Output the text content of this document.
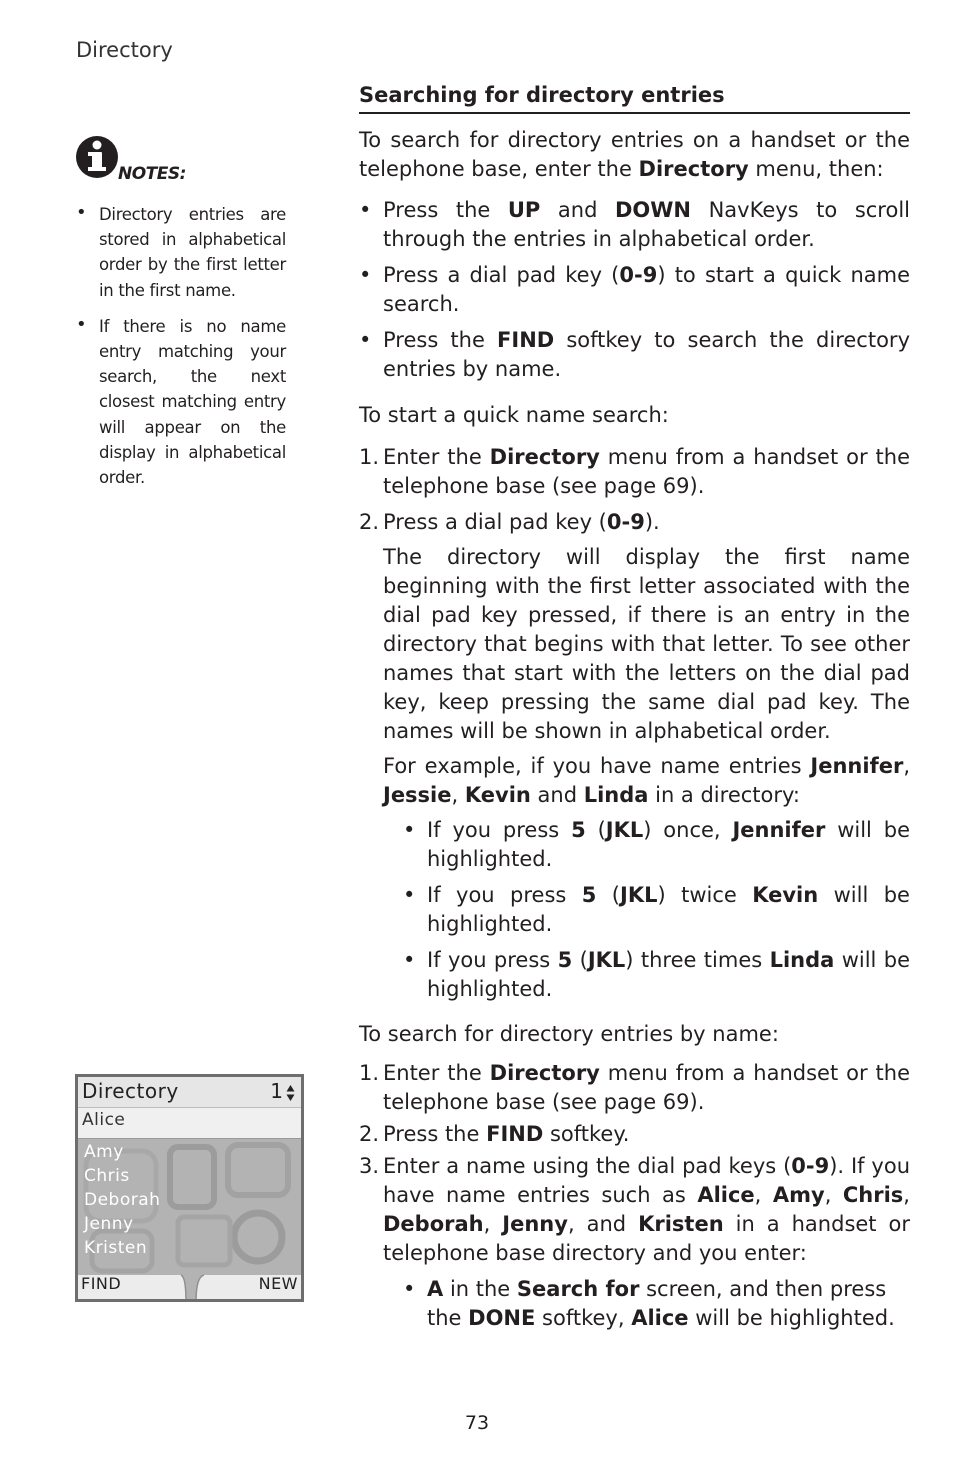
Directory
NOTES:
• Directory entries are stored in alphabetical order by the first letter in the first name.
• If there is no name entry matching your search, the next closest matching entry will appear on the display in alphabetical order.
Searching for directory entries

To search for directory entries on a handset or the telephone base, enter the Directory menu, then:

• Press the UP and DOWN NavKeys to scroll through the entries in alphabetical order.
• Press a dial pad key (0-9) to start a quick name search.
• Press the FIND softkey to search the directory entries by name.

To start a quick name search:

1. Enter the Directory menu from a handset or the telephone base (see page 69).
2. Press a dial pad key (0-9).

The directory will display the first name beginning with the first letter associated with the dial pad key pressed, if there is an entry in the directory that begins with that letter. To see other names that start with the letters on the dial pad key, keep pressing the same dial pad key. The names will be shown in alphabetical order.

For example, if you have name entries Jennifer, Jessie, Kevin and Linda in a directory:

• If you press 5 (JKL) once, Jennifer will be highlighted.
• If you press 5 (JKL) twice Kevin will be highlighted.
• If you press 5 (JKL) three times Linda will be highlighted.

To search for directory entries by name:

1. Enter the Directory menu from a handset or the telephone base (see page 69).
2. Press the FIND softkey.
3. Enter a name using the dial pad keys (0-9). If you have name entries such as Alice, Amy, Chris, Deborah, Jenny, and Kristen in a handset or telephone base directory and you enter:
• A in the Search for screen, and then press the DONE softkey, Alice will be highlighted.
Directory	1
Alice
Amy
Chris
Deborah
Jenny
Kristen
FIND	NEW
73
